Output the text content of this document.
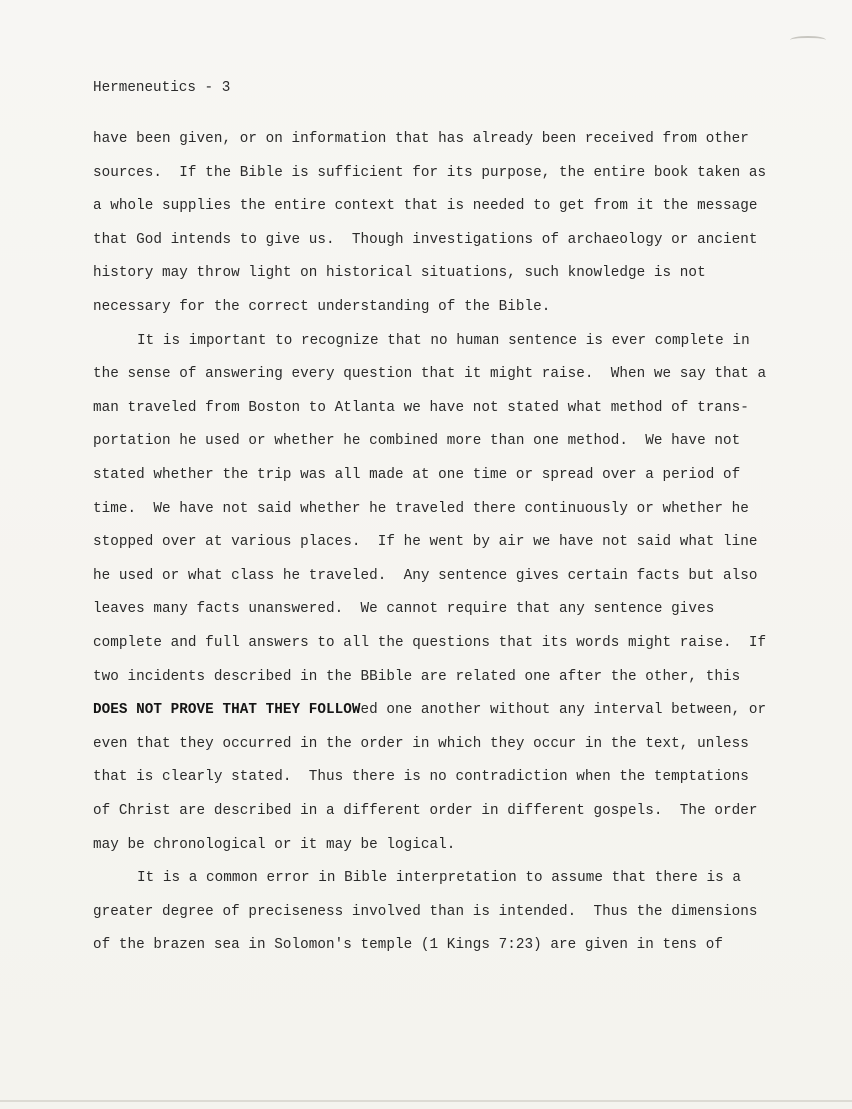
Hermeneutics - 3
have been given, or on information that has already been received from other
sources.  If the Bible is sufficient for its purpose, the entire book taken as
a whole supplies the entire context that is needed to get from it the message
that God intends to give us.  Though investigations of archaeology or ancient
history may throw light on historical situations, such knowledge is not
necessary for the correct understanding of the Bible.
It is important to recognize that no human sentence is ever complete in
the sense of answering every question that it might raise.  When we say that a
man traveled from Boston to Atlanta we have not stated what method of trans-
portation he used or whether he combined more than one method.  We have not
stated whether the trip was all made at one time or spread over a period of
time.  We have not said whether he traveled there continuously or whether he
stopped over at various places.  If he went by air we have not said what line
he used or what class he traveled.  Any sentence gives certain facts but also
leaves many facts unanswered.  We cannot require that any sentence gives
complete and full answers to all the questions that its words might raise.  If
two incidents described in the BBible are related one after the other, this
DOES NOT PROVE THAT THEY FOLLOWed one another without any interval between, or
even that they occurred in the order in which they occur in the text, unless
that is clearly stated.  Thus there is no contradiction when the temptations
of Christ are described in a different order in different gospels.  The order
may be chronological or it may be logical.
It is a common error in Bible interpretation to assume that there is a
greater degree of preciseness involved than is intended.  Thus the dimensions
of the brazen sea in Solomon's temple (1 Kings 7:23) are given in tens of
